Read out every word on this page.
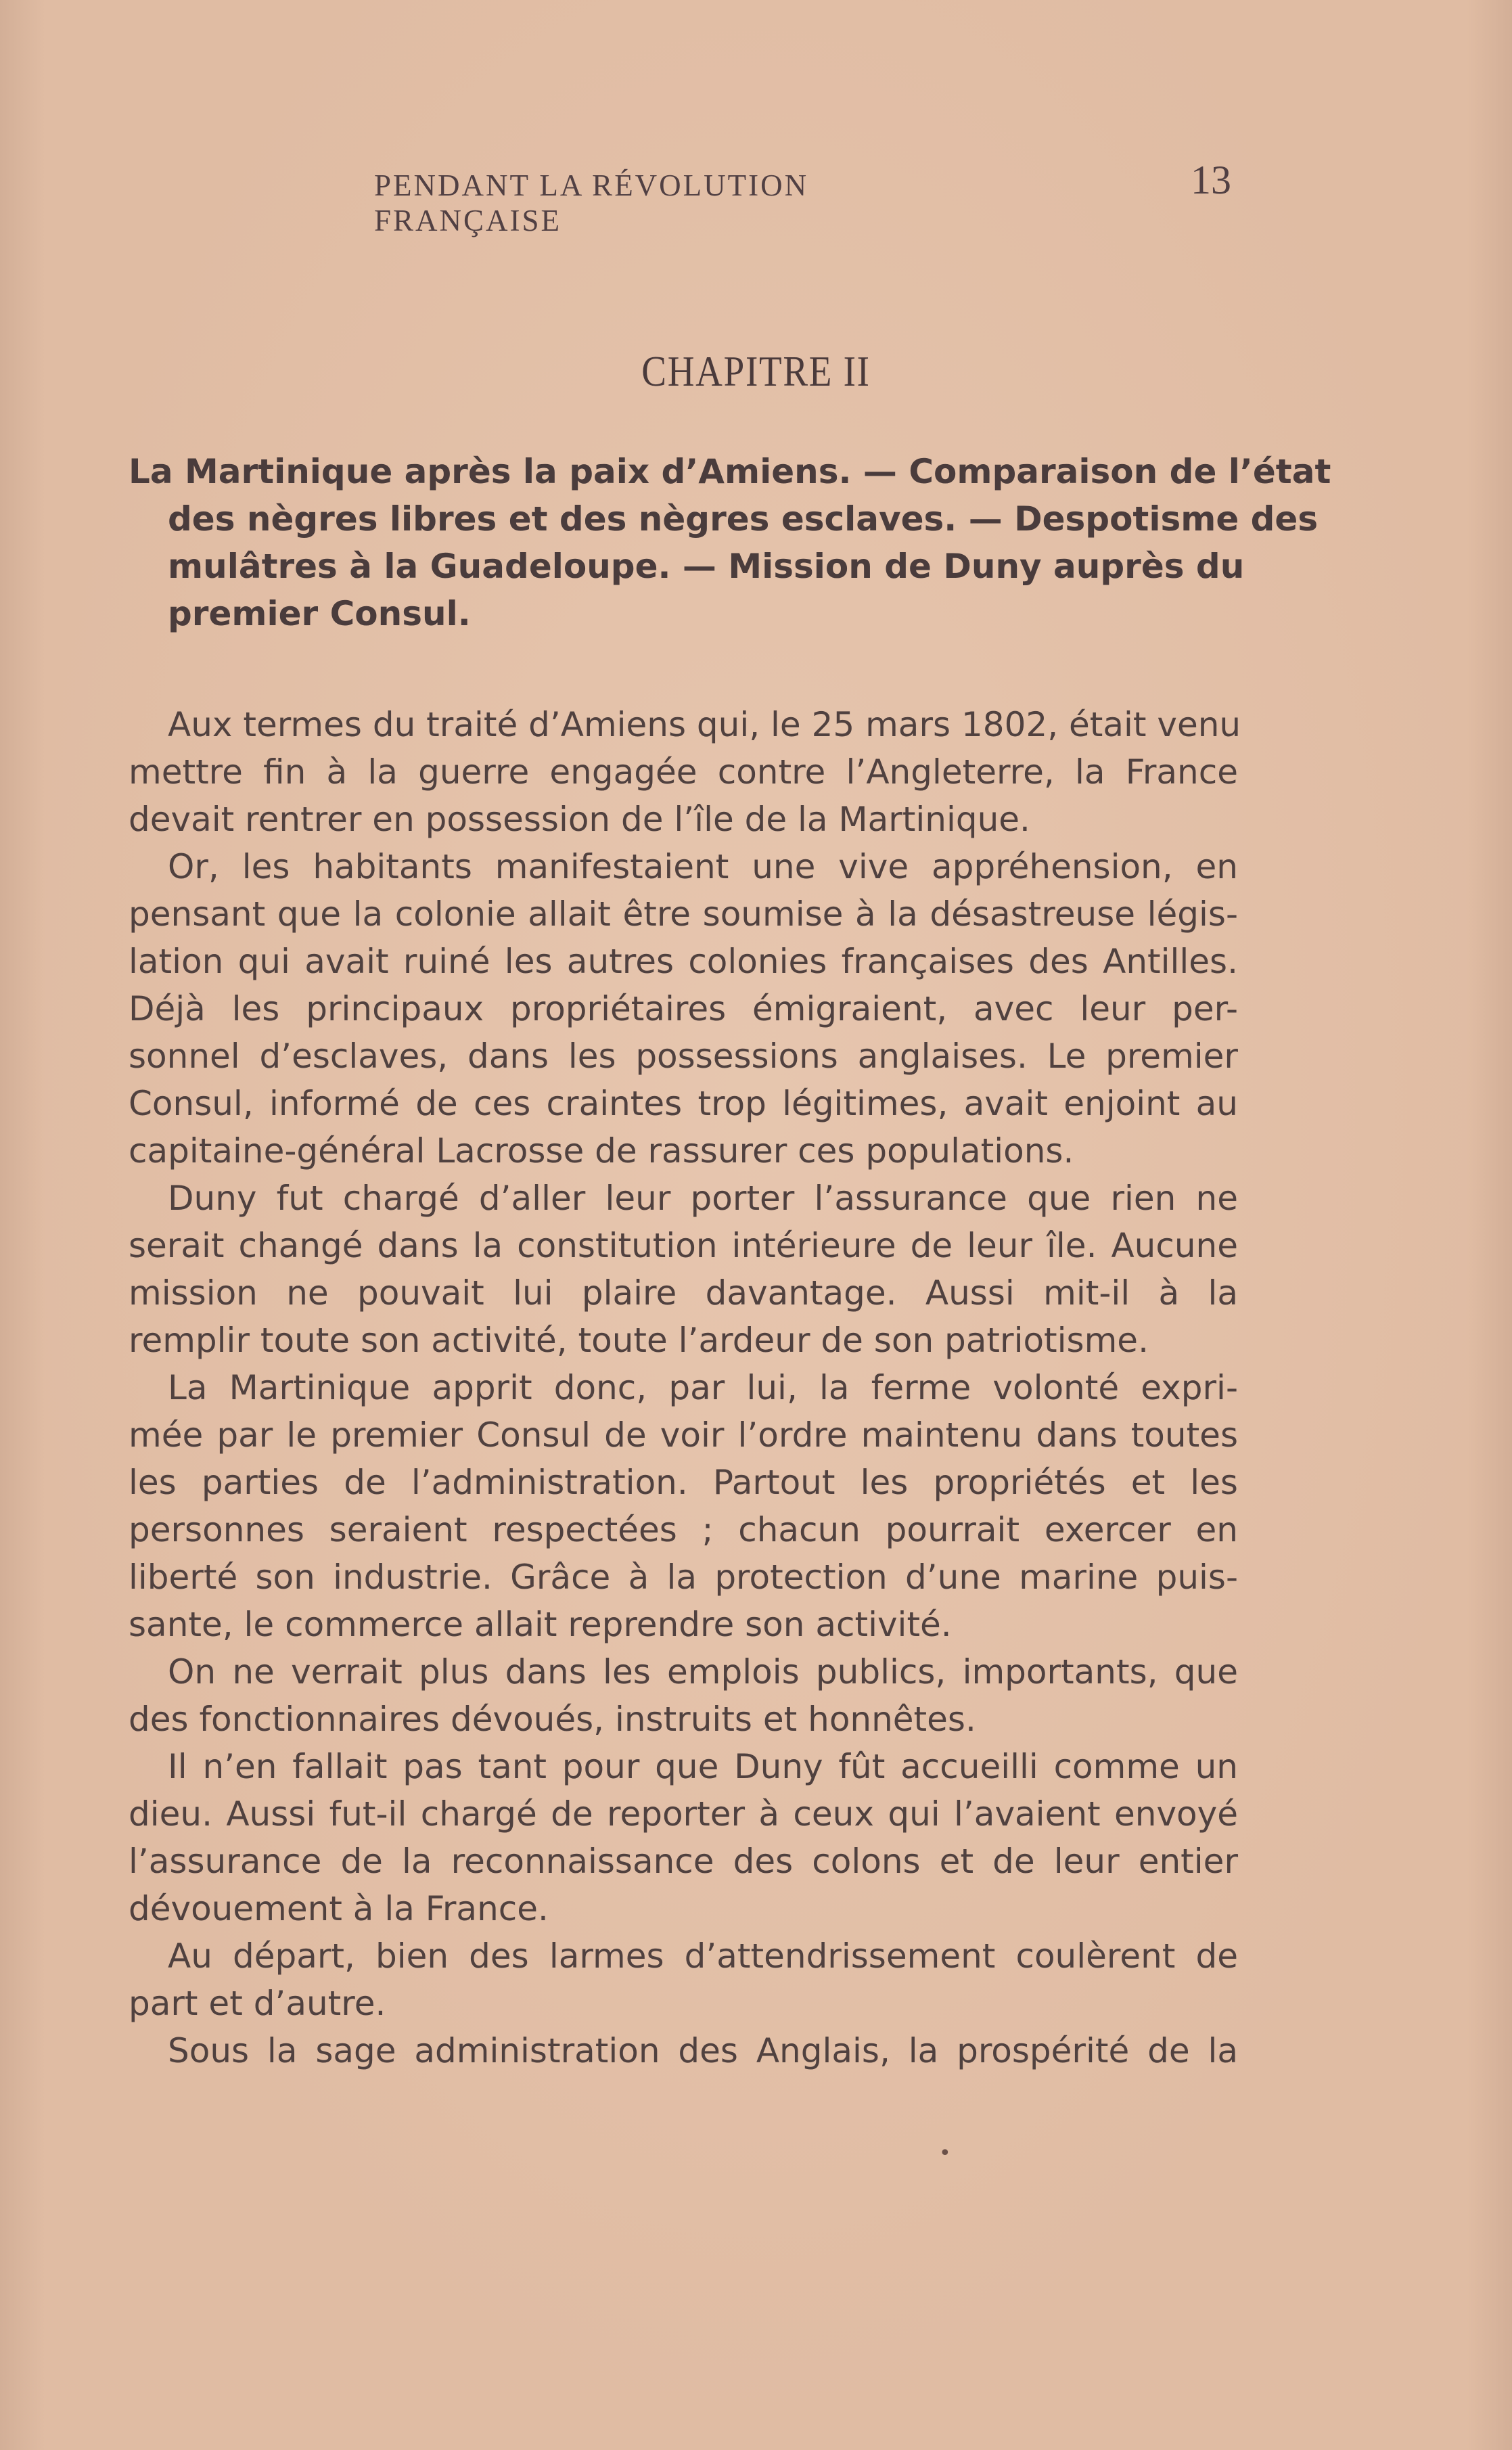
PENDANT LA RÉVOLUTION FRANÇAISE
13
CHAPITRE II
La Martinique après la paix d’Amiens. — Comparaison de l’état
des nègres libres et des nègres esclaves. — Despotisme des
mulâtres à la Guadeloupe. — Mission de Duny auprès du
premier Consul.
Aux termes du traité d’Amiens qui, le 25 mars 1802, était venu
mettre fin à la guerre engagée contre l’Angleterre, la France
devait rentrer en possession de l’île de la Martinique.
Or, les habitants manifestaient une vive appréhension, en
pensant que la colonie allait être soumise à la désastreuse légis-
lation qui avait ruiné les autres colonies françaises des Antilles.
Déjà les principaux propriétaires émigraient, avec leur per-
sonnel d’esclaves, dans les possessions anglaises. Le premier
Consul, informé de ces craintes trop légitimes, avait enjoint au
capitaine-général Lacrosse de rassurer ces populations.
Duny fut chargé d’aller leur porter l’assurance que rien ne
serait changé dans la constitution intérieure de leur île. Aucune
mission ne pouvait lui plaire davantage. Aussi mit-il à la
remplir toute son activité, toute l’ardeur de son patriotisme.
La Martinique apprit donc, par lui, la ferme volonté expri-
mée par le premier Consul de voir l’ordre maintenu dans toutes
les parties de l’administration. Partout les propriétés et les
personnes seraient respectées ; chacun pourrait exercer en
liberté son industrie. Grâce à la protection d’une marine puis-
sante, le commerce allait reprendre son activité.
On ne verrait plus dans les emplois publics, importants, que
des fonctionnaires dévoués, instruits et honnêtes.
Il n’en fallait pas tant pour que Duny fût accueilli comme un
dieu. Aussi fut-il chargé de reporter à ceux qui l’avaient envoyé
l’assurance de la reconnaissance des colons et de leur entier
dévouement à la France.
Au départ, bien des larmes d’attendrissement coulèrent de
part et d’autre.
Sous la sage administration des Anglais, la prospérité de la
•
